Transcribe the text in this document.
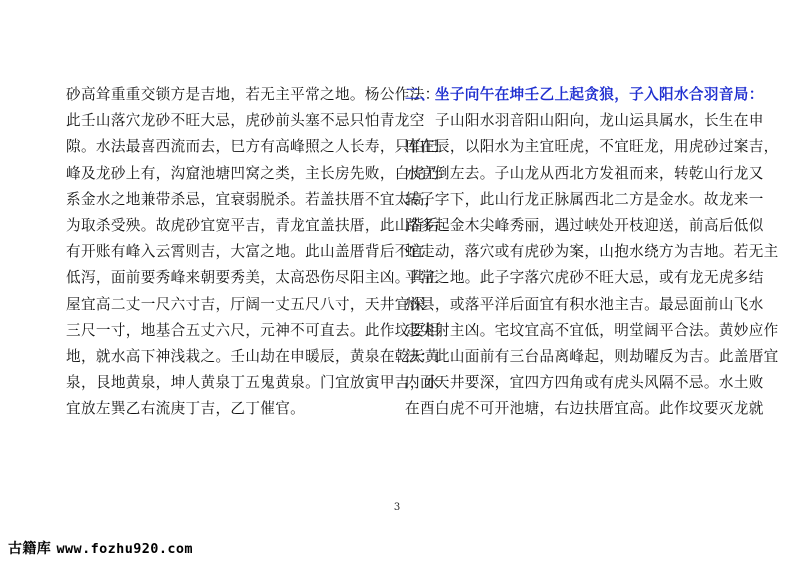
砂高耸重重交锁方是吉地，若无主平常之地。杨公作法：
此壬山落穴龙砂不旺大忌，虎砂前头塞不忌只怕青龙空
隙。水法最喜西流而去，巳方有高峰照之人长寿，只怕巳
峰及龙砂上有，沟窟池塘凹窝之类，主长房先败，白虎乃
系金水之地兼带杀忌，宜衰弱脱杀。若盖扶厝不宜太高，
为取杀受殃。故虎砂宜宽平吉，青龙宜盖扶厝，此山背后
有开账有峰入云霄则吉，大富之地。此山盖厝背后不宜
低泻，面前要秀峰来朝要秀美，太高恐伤尽阳主凶。其正
屋宜高二丈一尺六寸吉，厅阔一丈五尺八寸，天井宜深
三尺一寸，地基合五丈六尺，元神不可直去。此作坟要相
地，就水高下神浅栽之。壬山劫在申暖辰，黄泉在乾天黄
泉，艮地黄泉，坤人黄泉丁五鬼黄泉。门宜放寅甲吉，水
宜放左巽乙右流庚丁吉，乙丁催官。
二、坐子向午在坤壬乙上起贪狼，子入阳水合羽音局：
子山阳水羽音阳山阳向，龙山运具属水，长生在申
库在辰，以阳水为主宜旺虎，不宜旺龙，用虎砂过案吉，
水宜倒左去。子山龙从西北方发祖而来，转乾山行龙又
转子字下，此山行龙正脉属西北二方是金水。故龙来一
路多起金木尖峰秀丽，遇过峡处开枝迎送，前高后低似
蛇走动，落穴或有虎砂为案，山抱水绕方为吉地。若无主
平常之地。此子字落穴虎砂不旺大忌，或有龙无虎多结
州县，或落平洋后面宜有积水池主吉。最忌面前山飞水
走尖射主凶。宅坟宜高不宜低，明堂阔平合法。黄妙应作
法：此山面前有三台品离峰起，则劫曜反为吉。此盖厝宜
内面天井要深，宜四方四角或有虎头风隔不忌。水土败
在酉白虎不可开池塘，右边扶厝宜高。此作坟要灭龙就
3
古籍库 www.fozhu920.com
